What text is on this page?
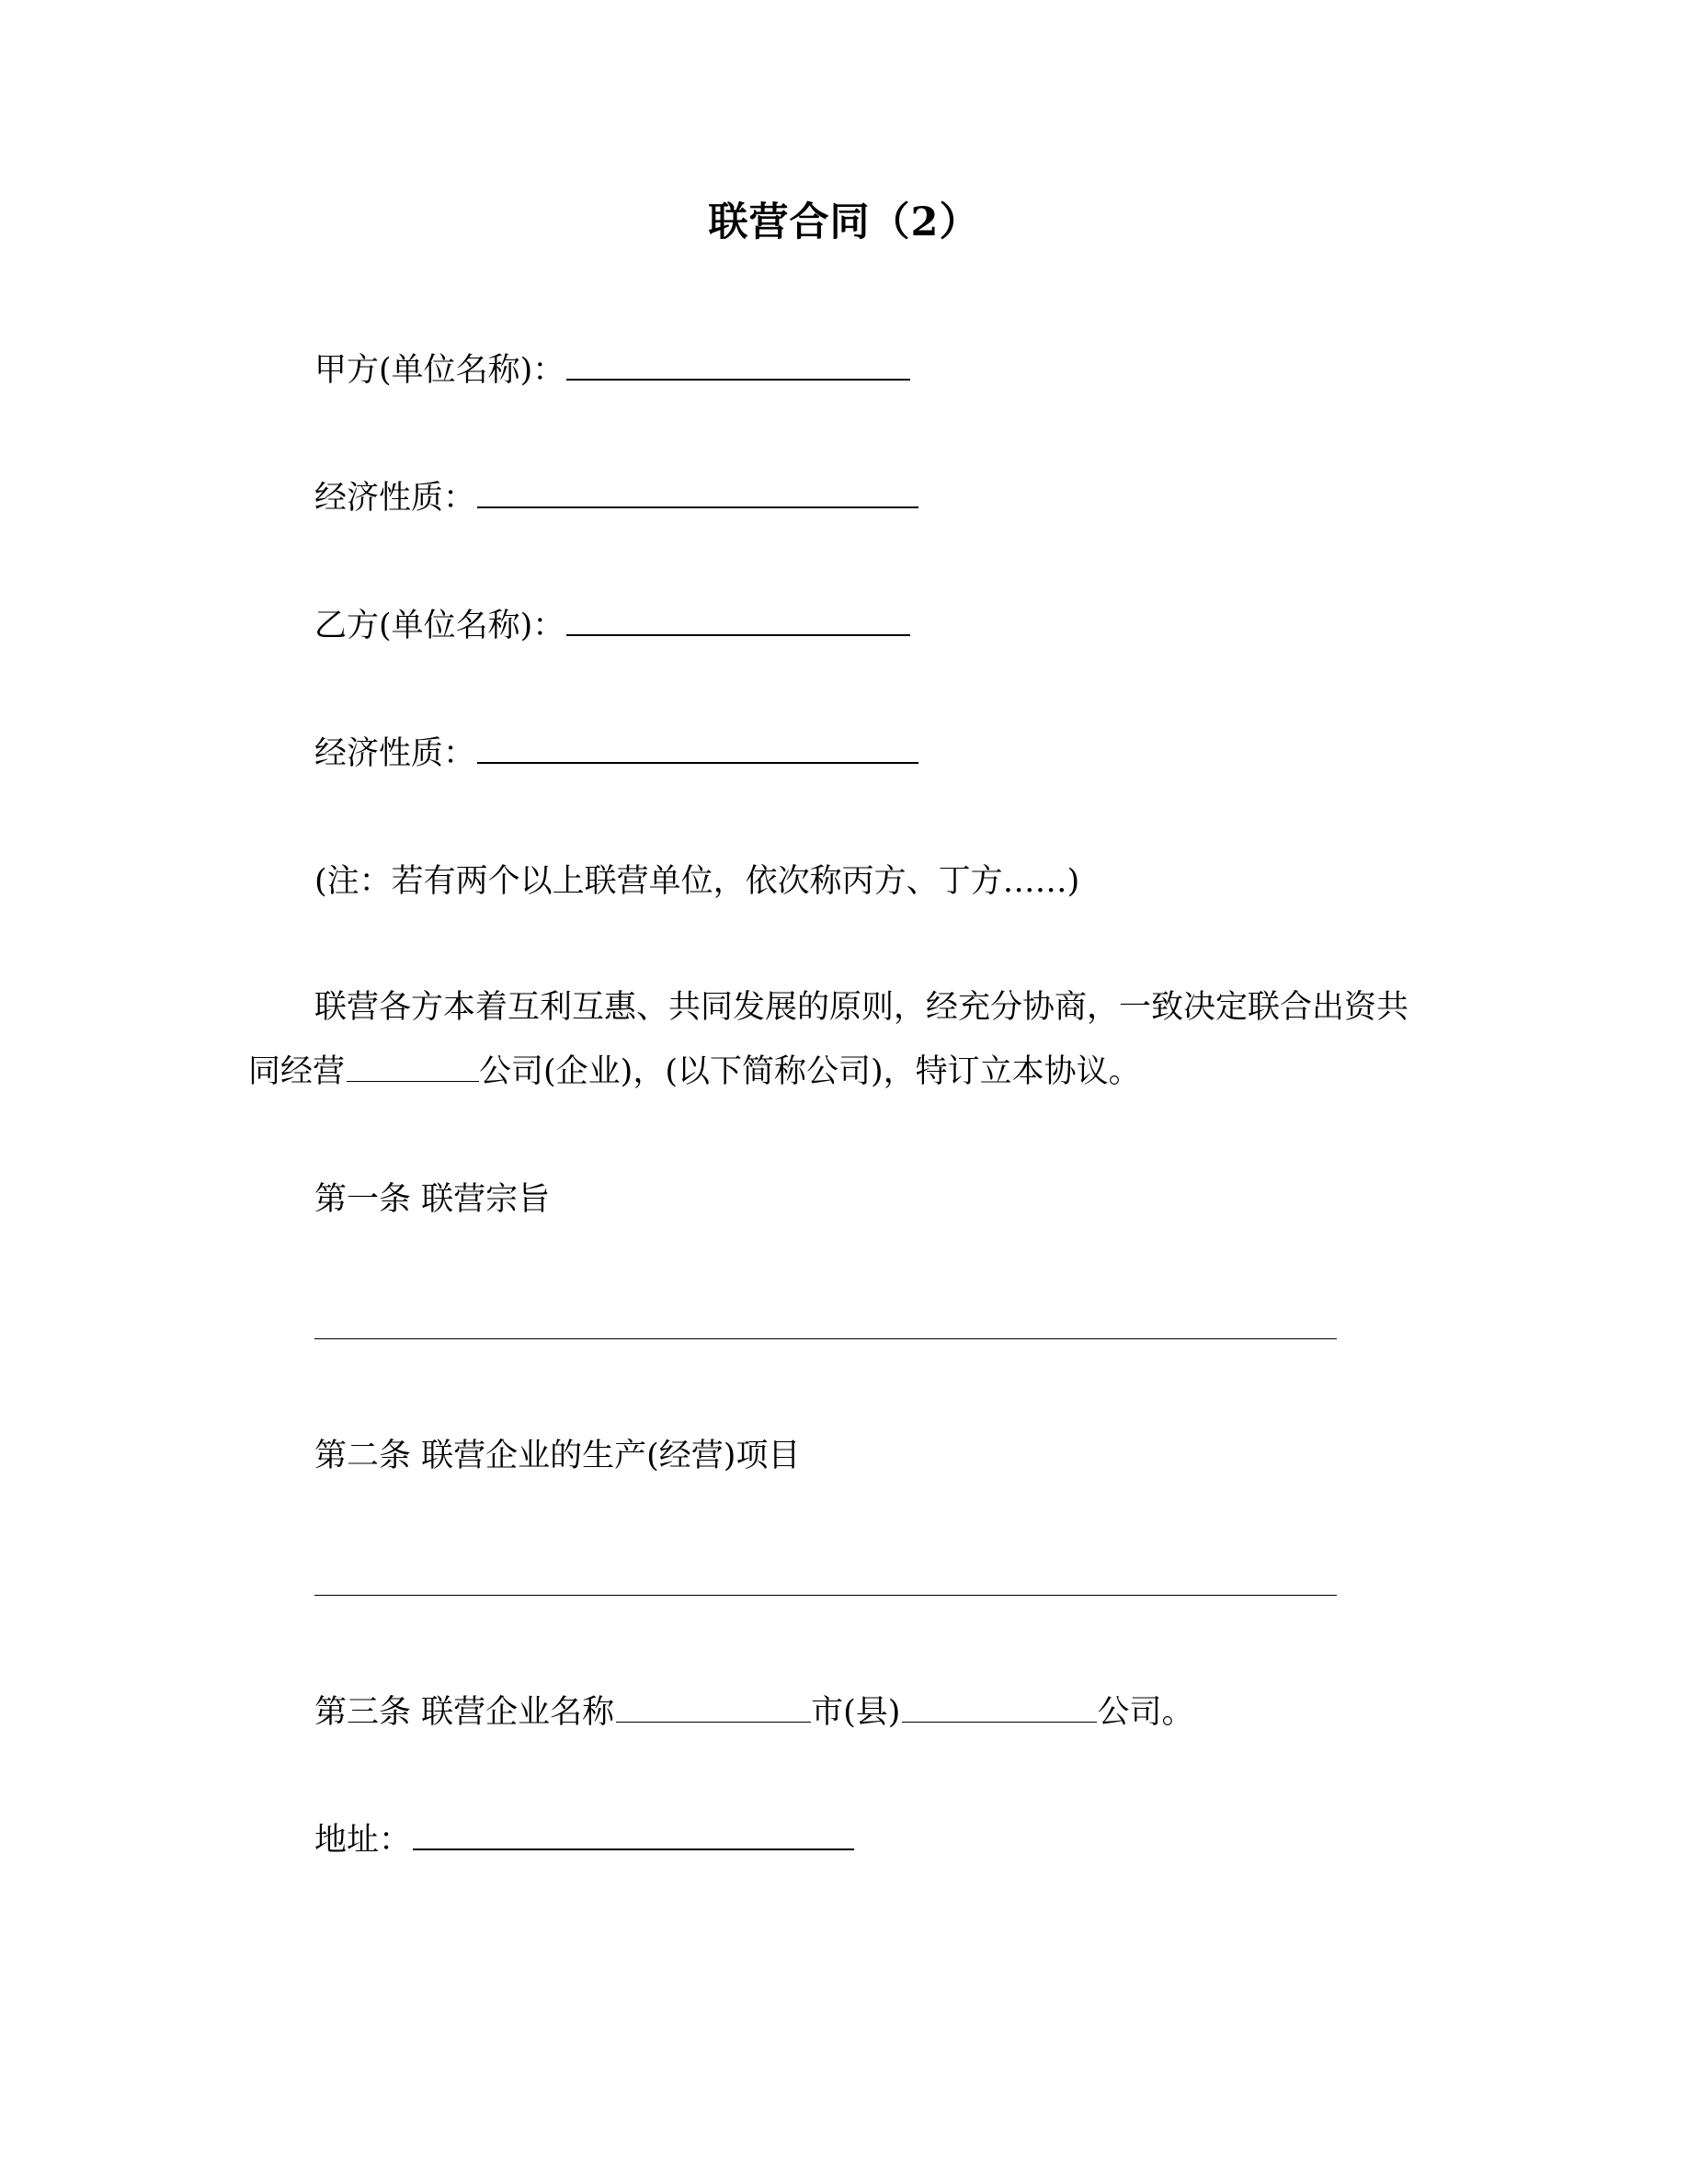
联营合同（2）
甲方(单位名称)：
经济性质：
乙方(单位名称)：
经济性质：
(注：若有两个以上联营单位，依次称丙方、丁方……)
联营各方本着互利互惠、共同发展的原则，经充分协商，一致决定联合出资共
同经营	公司(企业)，(以下简称公司)，特订立本协议。
第一条 联营宗旨
第二条 联营企业的生产(经营)项目
第三条 联营企业名称	市(县)	公司。
地址：
